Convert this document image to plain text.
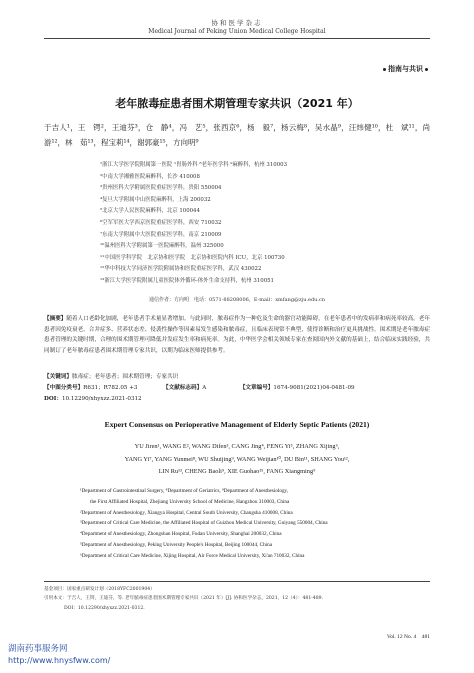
协和医学杂志
Medical Journal of Peking Union Medical College Hospital
指南与共识
老年脓毒症患者围术期管理专家共识（2021 年）
于吉人¹，王　锷²，王迪芬³，仓　静⁴，冯　艺⁵，张西京⁶，杨　毅⁷，杨云梅⁸，吴水晶⁹，汪炜健¹⁰，杜　斌¹¹，尚　游¹²，林　茹¹³，程宝莉¹⁴，谢郭豪¹⁵，方向明⁹
¹浙江大学医学院附属第一医院 ¹胃肠外科 ⁸老年医学科 ⁹麻醉科，杭州 310003
²中南大学湘雅医院麻醉科，长沙 410008
³贵州医科大学附属医院重症医学科，贵阳 550004
⁴复旦大学附属中山医院麻醉科，上海 200032
⁵北京大学人民医院麻醉科，北京 100044
⁶空军军医大学西京医院重症医学科，西安 710032
⁷东南大学附属中大医院重症医学科，南京 210009
¹⁰温州医科大学附属第一医院麻醉科，温州 325000
¹¹中国医学科学院　北京协和医学院　北京协和医院内科 ICU，北京 100730
¹²华中科技大学同济医学院附属协和医院重症医学科，武汉 430022
¹³浙江大学医学院附属儿童医院体外循环-体外生命支持科，杭州 310051
通信作者：方向明　电话：0571-88208006，E-mail：xmfang@zju.edu.cn
【摘要】随着人口老龄化加剧，老年患者手术量显著增加。与此同时，脓毒症作为一种危及生命的器官功能障碍，在老年患者中的发病率和病死率较高。老年患者因免疫衰老、合并症多、营养状态差、侵袭性操作等因素易发生感染和脓毒症，且临床表现常不典型，使得诊断和治疗更具挑战性。围术期是老年脓毒症患者管理的关键时期，合理的围术期管理可降低并发症发生率和病死率。为此，中华医学会相关领域专家在查阅国内外文献的基础上，结合临床实践经验，共同制订了老年脓毒症患者围术期管理专家共识，以期为临床医师提供参考。
【关键词】脓毒症；老年患者；围术期管理；专家共识
【中图分类号】R631；R782.05 +3	【文献标志码】A	【文章编号】1674-9081(2021)04-0481-09
DOI：10.12290/xhyxzz.2021-0312
Expert Consensus on Perioperative Management of Elderly Septic Patients (2021)
YU Jiren¹, WANG E², WANG Difen³, CANG Jing⁴, FENG Yi⁵, ZHANG Xijing⁶,
YANG Yi⁷, YANG Yunmei⁸, WU Shuijing⁹, WANG Weijian¹⁰, DU Bin¹¹, SHANG You¹²,
LIN Ru¹³, CHENG Baoli⁹, XIE Guohao¹⁵, FANG Xiangming⁹
¹Department of Gastrointestinal Surgery, ⁸Department of Geriatrics, ⁹Department of Anesthesiology,
the First Affiliated Hospital, Zhejiang University School of Medicine, Hangzhou 310003, China
²Department of Anesthesiology, Xiangya Hospital, Central South University, Changsha 410008, China
³Department of Critical Care Medicine, the Affiliated Hospital of Guizhou Medical University, Guiyang 550004, China
⁴Department of Anesthesiology, Zhongshan Hospital, Fudan University, Shanghai 200032, China
⁵Department of Anesthesiology, Peking University People's Hospital, Beijing 100044, China
⁶Department of Critical Care Medicine, Xijing Hospital, Air Force Medical University, Xi'an 710032, China
基金项目：国家重点研发计划（2018YFC2001904）
引用本文：于吉人，王锷，王迪芬，等. 老年脓毒症患者围术期管理专家共识（2021 年）[J]. 协和医学杂志，2021，12（4）：481-489.
DOI：10.12290/xhyxzz.2021-0312.
Vol. 12 No. 4　481
湖南药事服务网
http://www.hnysfww.com/
